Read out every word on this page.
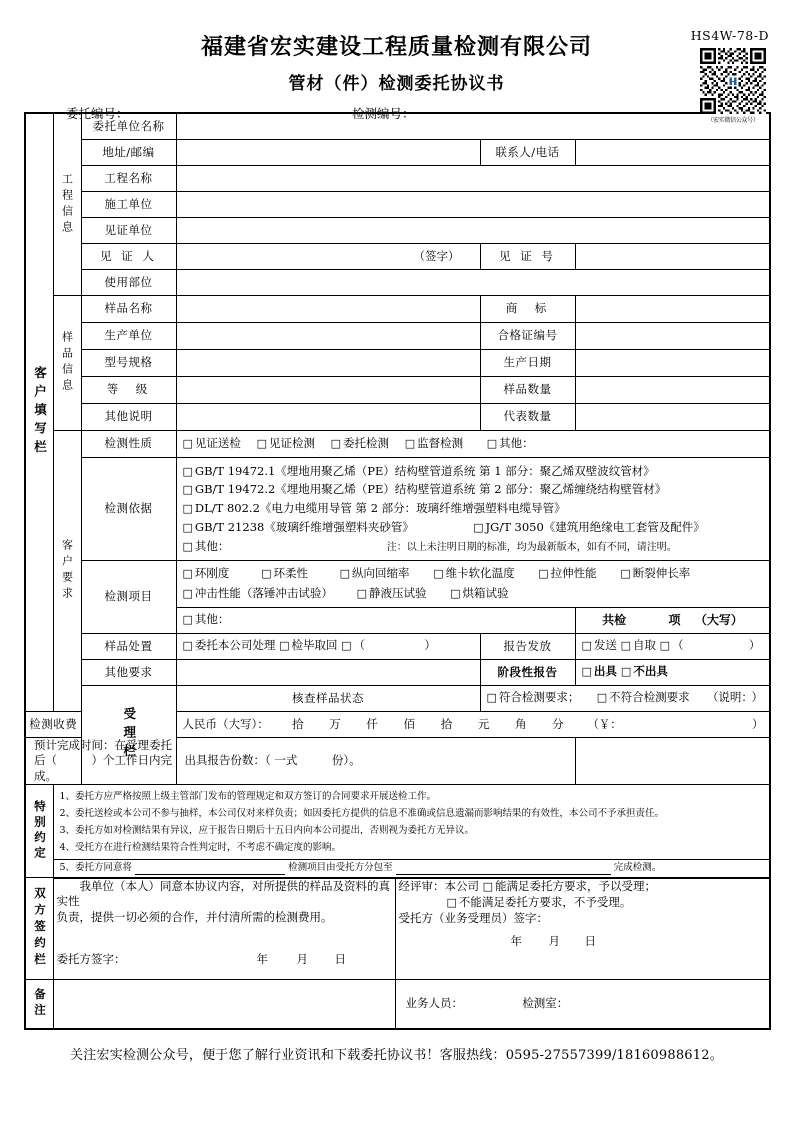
HS4W-78-D
（宏实微信公众号）
福建省宏实建设工程质量检测有限公司
管材（件）检测委托协议书
委托编号：	检测编号：
客户填写栏	工程信息	委托单位名称					
		地址/邮编			联系人/电话		
		工程名称					
		施工单位					
		见证单位					
		见 证 人	（签字）		见 证 号		
		使用部位					

	样品信息	样品名称			商　标		
		生产单位			合格证编号		
		型号规格			生产日期		
		等　级			样品数量		
		其他说明			代表数量		

	客户要求	检测性质	□ 见证送检 □ 见证检测 □ 委托检测 □ 监督检测 □ 其他：	
		检测依据	□ GB/T 19472.1《埋地用聚乙烯（PE）结构壁管道系统 第 1 部分：聚乙烯双壁波纹管材》
□ GB/T 19472.2《埋地用聚乙烯（PE）结构壁管道系统 第 2 部分：聚乙烯缠绕结构壁管材》
□ DL/T 802.2《电力电缆用导管 第 2 部分：玻璃纤维增强塑料电缆导管》
□ GB/T 21238《玻璃纤维增强塑料夹砂管》 □ JG/T 3050《建筑用绝缘电工套管及配件》
□ 其他： 注：以上未注明日期的标准，均为最新版本，如有不同，请注明。

		检测项目	□ 环刚度 □ 环柔性 □ 纵向回缩率 □ 维卡软化温度 □ 拉伸性能 □ 断裂伸长率
□ 冲击性能（落锤冲击试验） □ 静液压试验 □ 烘箱试验

			□ 其他：			共检 项 （大写）	
		样品处置	□ 委托本公司处理 □ 检毕取回 □ （ ）		报告发放	□ 发送 □ 自取 □ （ ）
		其他要求			阶段性报告	□ 出具 □ 不出具

		受理栏	核查样品状态		□ 符合检测要求； □ 不符合检测要求 （说明：
）

检测收费			人民币（大写）： 拾 万 仟 佰 拾 元 角 分 （￥： ）				

预计完成时间：在受理委托后（　　　）个工作日内完成。			出具报告份数：（ 一式　　　份）。				

特别约定	1、委托方应严格按照上级主管部门发布的管理规定和双方签订的合同要求开展送检工作。
2、委托送检或本公司不参与抽样，本公司仅对来样负责；如因委托方提供的信息不准确或信息遗漏而影响结果的有效性，本公司不予承担责任。
3、委托方如对检测结果有异议，应于报告日期后十五日内向本公司提出，否则视为委托方无异议。
4、受托方在进行检测结果符合性判定时，不考虑不确定度的影响。						

	5、委托方同意将 检测项目由受托方分包至 完成检测。						

双方签约栏

我单位（本人）同意本协议内容，对所提供的样品及资料的真实性
负责，提供一切必须的合作，并付清所需的检测费用。
委托方签字：	年 月 日

经评审：本公司 □ 能满足委托方要求，予以受理；
□ 不能满足委托方要求，不予受理。
受托方（业务受理员）签字：
年 月 日

备注				业务人员： 检测室：			
关注宏实检测公众号，便于您了解行业资讯和下载委托协议书！客服热线：0595-27557399/18160988612。
